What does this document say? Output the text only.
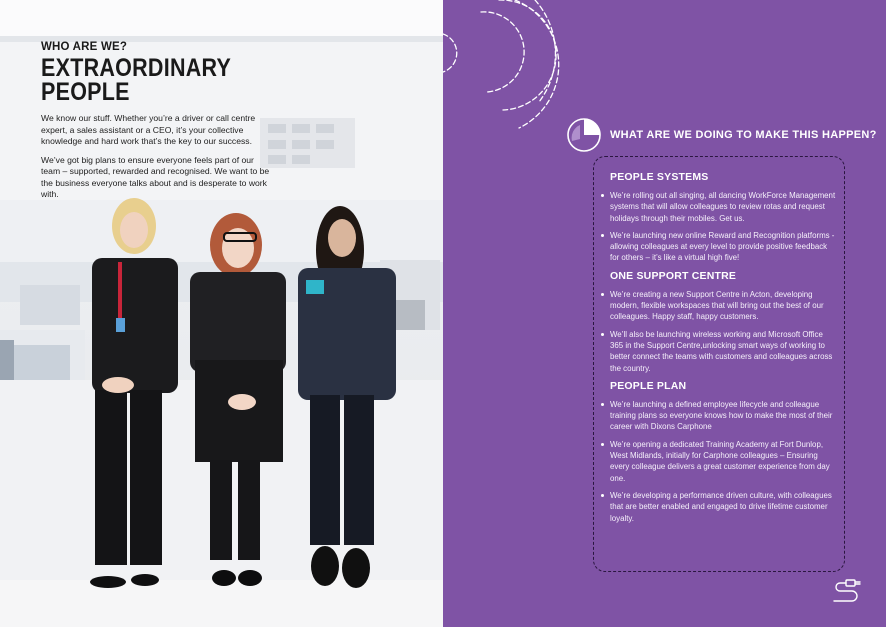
WHO ARE WE?
EXTRAORDINARY
PEOPLE

We know our stuff. Whether you’re a driver or call centre expert, a sales assistant or a CEO, it’s your collective knowledge and hard work that’s the key to our success.

We’ve got big plans to ensure everyone feels part of our team – supported, rewarded and recognised. We want to be the business everyone talks about and is desperate to work with.

WHAT ARE WE DOING TO MAKE THIS HAPPEN?
PEOPLE SYSTEMS
We’re rolling out all singing, all dancing WorkForce Management systems that will allow colleagues to review rotas and request holidays through their mobiles. Get us.
We’re launching new online Reward and Recognition platforms - allowing colleagues at every level to provide positive feedback for others – it’s like a virtual high five!
ONE SUPPORT CENTRE
We’re creating a new Support Centre in Acton, developing modern, flexible workspaces that will bring out the best of our colleagues. Happy staff, happy customers.
We’ll also be launching wireless working and Microsoft Office 365 in the Support Centre,unlocking smart ways of working to better connect the teams with customers and colleagues across the country.
PEOPLE PLAN
We’re launching a defined employee lifecycle and colleague training plans so everyone knows how to make the most of their career with Dixons Carphone
We’re opening a dedicated Training Academy at Fort Dunlop, West Midlands, initially for Carphone colleagues – Ensuring every colleague delivers a great customer experience from day one.
We’re developing a performance driven culture, with colleagues that are better enabled and engaged to drive lifetime customer loyalty.
